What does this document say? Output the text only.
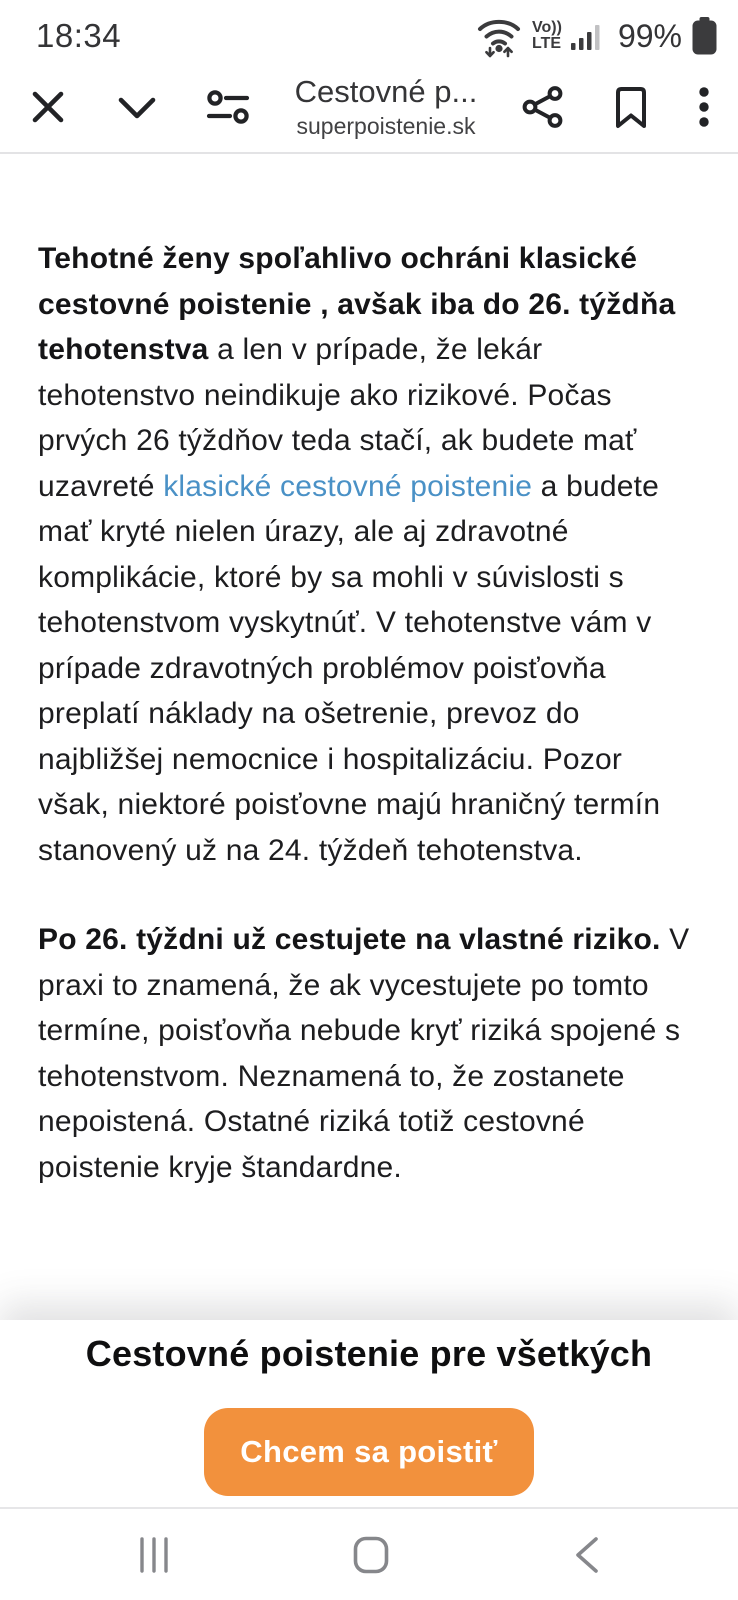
18:34	Vo))
LTE 99%
Cestovné p...
superpoistenie.sk

Tehotné ženy spoľahlivo ochráni klasické cestovné poistenie , avšak iba do 26. týždňa tehotenstva a len v prípade, že lekár tehotenstvo neindikuje ako rizikové. Počas prvých 26 týždňov teda stačí, ak budete mať uzavreté klasické cestovné poistenie a budete mať kryté nielen úrazy, ale aj zdravotné komplikácie, ktoré by sa mohli v súvislosti s tehotenstvom vyskytnúť. V tehotenstve vám v prípade zdravotných problémov poisťovňa preplatí náklady na ošetrenie, prevoz do najbližšej nemocnice i hospitalizáciu. Pozor však, niektoré poisťovne majú hraničný termín stanovený už na 24. týždeň tehotenstva.

Po 26. týždni už cestujete na vlastné riziko. V praxi to znamená, že ak vycestujete po tomto termíne, poisťovňa nebude kryť riziká spojené s tehotenstvom. Neznamená to, že zostanete nepoistená. Ostatné riziká totiž cestovné poistenie kryje štandardne.

Cestovné poistenie pre všetkých
Chcem sa poistiť
